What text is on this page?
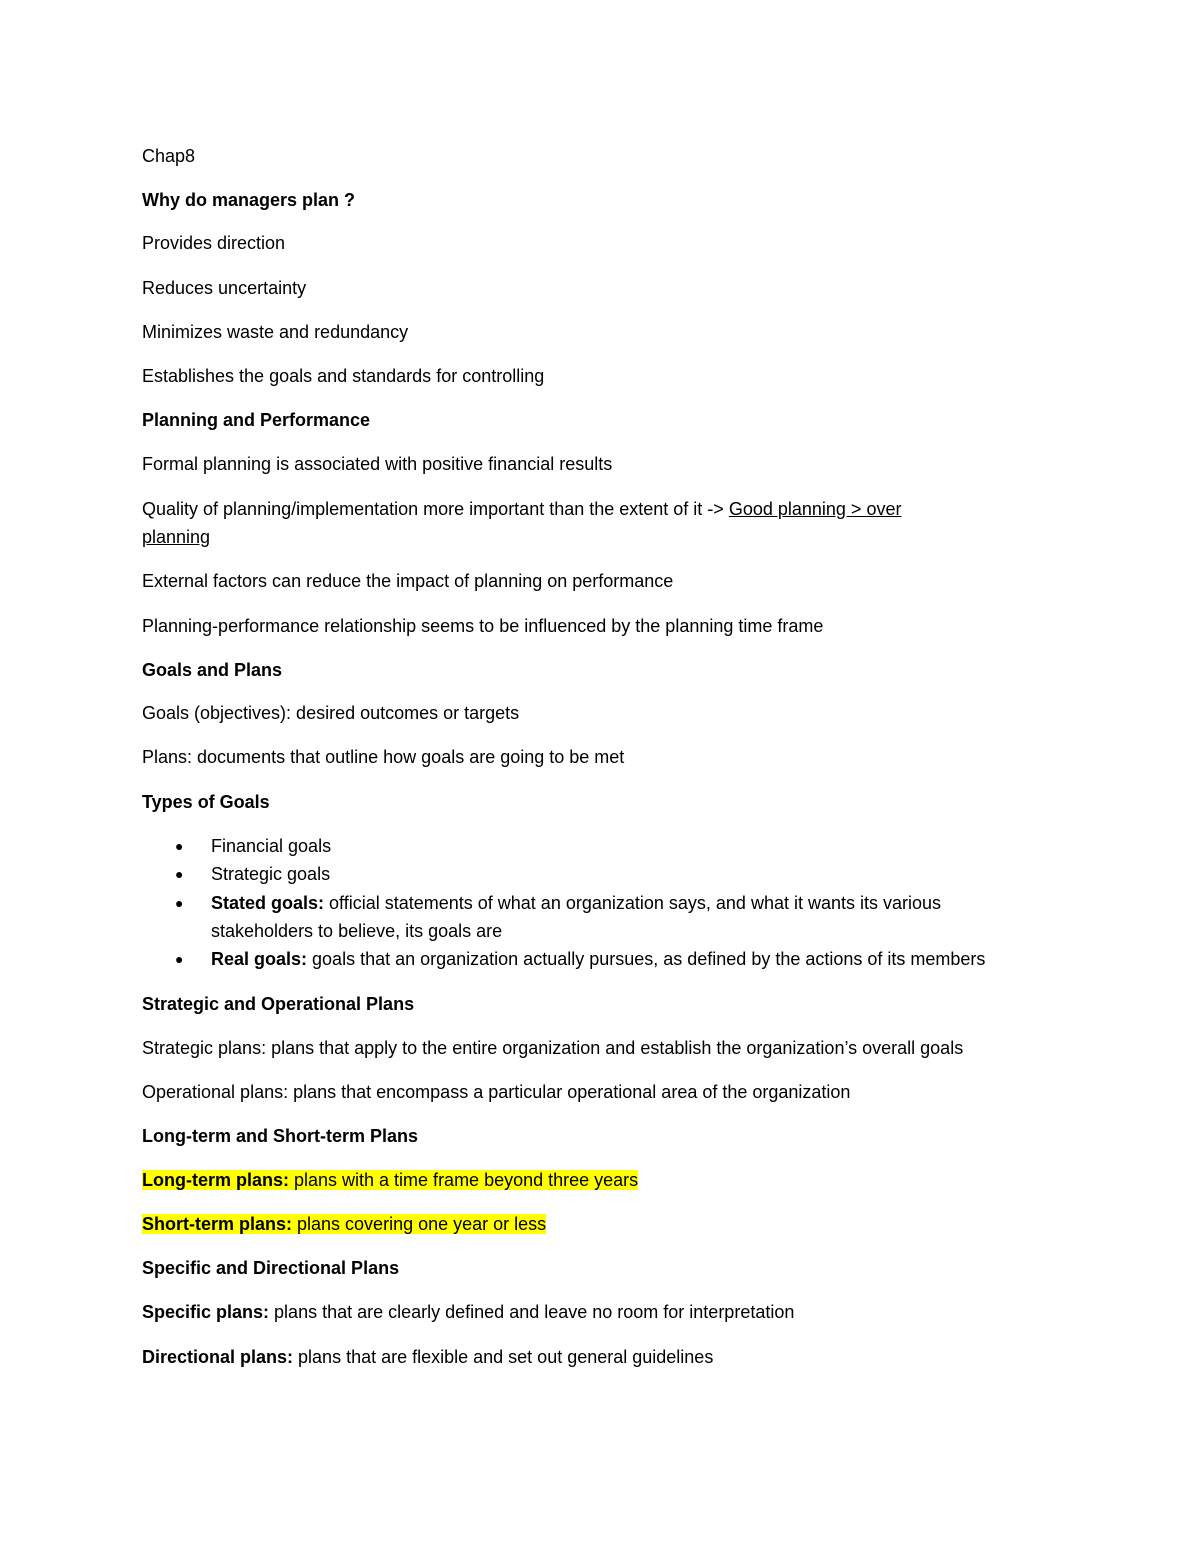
Chap8
Why do managers plan ?
Provides direction
Reduces uncertainty
Minimizes waste and redundancy
Establishes the goals and standards for controlling
Planning and Performance
Formal planning is associated with positive financial results
Quality of planning/implementation more important than the extent of it -> Good planning > over
planning
External factors can reduce the impact of planning on performance
Planning-performance relationship seems to be influenced by the planning time frame
Goals and Plans
Goals (objectives): desired outcomes or targets
Plans: documents that outline how goals are going to be met
Types of Goals
● Financial goals
● Strategic goals
● Stated goals: official statements of what an organization says, and what it wants its various
stakeholders to believe, its goals are
● Real goals: goals that an organization actually pursues, as defined by the actions of its members
Strategic and Operational Plans
Strategic plans: plans that apply to the entire organization and establish the organization’s overall goals
Operational plans: plans that encompass a particular operational area of the organization
Long-term and Short-term Plans
Long-term plans: plans with a time frame beyond three years
Short-term plans: plans covering one year or less
Specific and Directional Plans
Specific plans: plans that are clearly defined and leave no room for interpretation
Directional plans: plans that are flexible and set out general guidelines
